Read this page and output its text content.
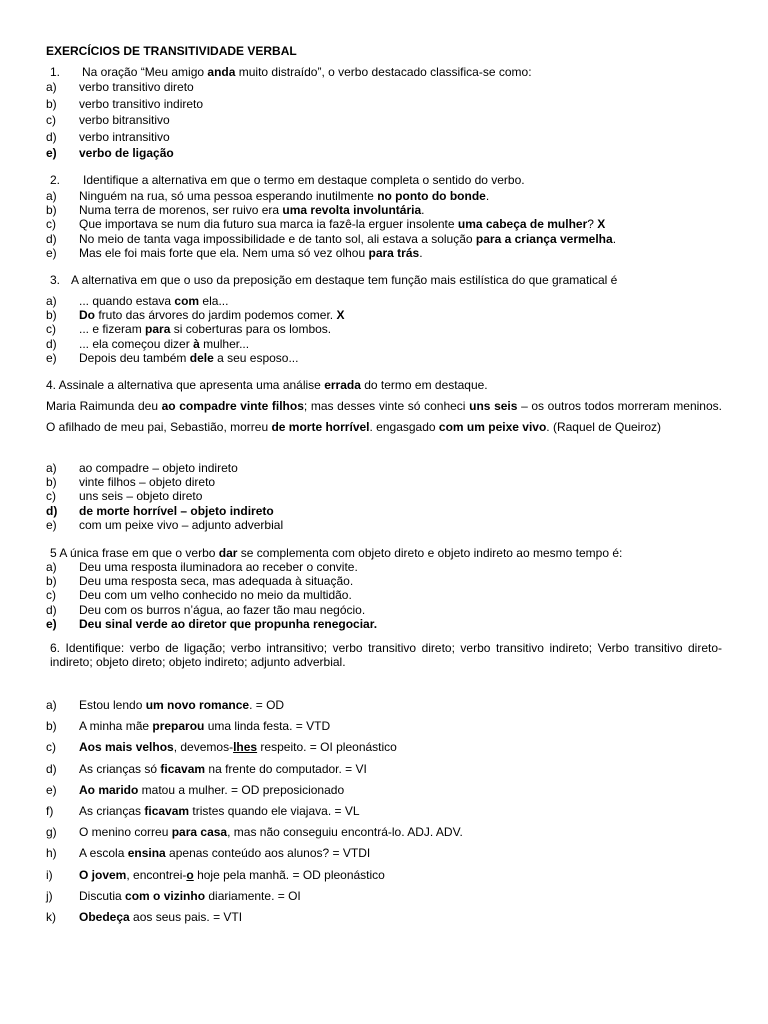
EXERCÍCIOS DE TRANSITIVIDADE VERBAL
1. Na oração “Meu amigo anda muito distraído”, o verbo destacado classifica-se como:
a) verbo transitivo direto
b) verbo transitivo indireto
c) verbo bitransitivo
d) verbo intransitivo
e) verbo de ligação
2. Identifique a alternativa em que o termo em destaque completa o sentido do verbo.
a) Ninguém na rua, só uma pessoa esperando inutilmente no ponto do bonde.
b) Numa terra de morenos, ser ruivo era uma revolta involuntária.
c) Que importava se num dia futuro sua marca ia fazê-la erguer insolente uma cabeça de mulher? X
d) No meio de tanta vaga impossibilidade e de tanto sol, ali estava a solução para a criança vermelha.
e) Mas ele foi mais forte que ela. Nem uma só vez olhou para trás.
3. A alternativa em que o uso da preposição em destaque tem função mais estilística do que gramatical é
a) ... quando estava com ela...
b) Do fruto das árvores do jardim podemos comer. X
c) ... e fizeram para si coberturas para os lombos.
d) ... ela começou dizer à mulher...
e) Depois deu também dele a seu esposo...
4. Assinale a alternativa que apresenta uma análise errada do termo em destaque.
Maria Raimunda deu ao compadre vinte filhos; mas desses vinte só conheci uns seis – os outros todos morreram meninos. O afilhado de meu pai, Sebastião, morreu de morte horrível. engasgado com um peixe vivo. (Raquel de Queiroz)
a) ao compadre – objeto indireto
b) vinte filhos – objeto direto
c) uns seis – objeto direto
d) de morte horrível – objeto indireto
e) com um peixe vivo – adjunto adverbial
5 A única frase em que o verbo dar se complementa com objeto direto e objeto indireto ao mesmo tempo é:
a) Deu uma resposta iluminadora ao receber o convite.
b) Deu uma resposta seca, mas adequada à situação.
c) Deu com um velho conhecido no meio da multidão.
d) Deu com os burros n’água, ao fazer tão mau negócio.
e) Deu sinal verde ao diretor que propunha renegociar.
6. Identifique: verbo de ligação; verbo intransitivo; verbo transitivo direto; verbo transitivo indireto; Verbo transitivo direto-indireto; objeto direto; objeto indireto; adjunto adverbial.
a) Estou lendo um novo romance. = OD
b) A minha mãe preparou uma linda festa. = VTD
c) Aos mais velhos, devemos-lhes respeito. = OI pleonástico
d) As crianças só ficavam na frente do computador. = VI
e) Ao marido matou a mulher. = OD preposicionado
f) As crianças ficavam tristes quando ele viajava. = VL
g) O menino correu para casa, mas não conseguiu encontrá-lo. ADJ. ADV.
h) A escola ensina apenas conteúdo aos alunos? = VTDI
i) O jovem, encontrei-o hoje pela manhã. = OD pleonástico
j) Discutia com o vizinho diariamente. = OI
k) Obedeça aos seus pais. = VTI
